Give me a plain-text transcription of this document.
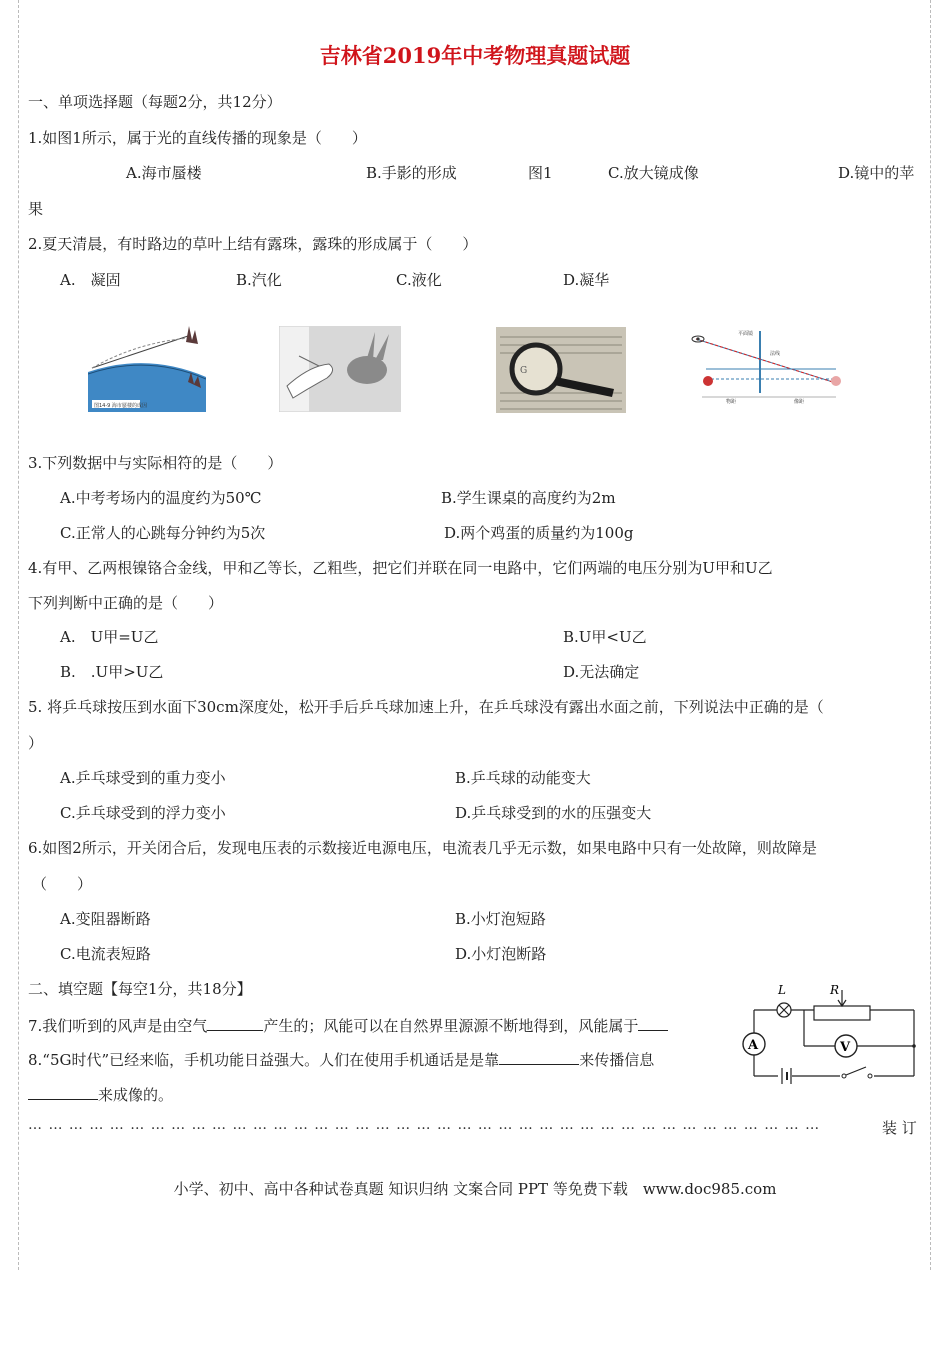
吉林省2019年中考物理真题试题
一、单项选择题（每题2分，共12分）
1.如图1所示，属于光的直线传播的现象是（　　）
A.海市蜃楼	B.手影的形成	图1	C.放大镜成像	D.镜中的苹
果
2.夏天清晨，有时路边的草叶上结有露珠，露珠的形成属于（　　）
A.　凝固	B.汽化	C.液化	D.凝华
图14-9 海市蜃楼的成因
G
平面镜
法线
物距	像距
3.下列数据中与实际相符的是（　　）
A.中考考场内的温度约为50℃	B.学生课桌的高度约为2m
C.正常人的心跳每分钟约为5次	D.两个鸡蛋的质量约为100g
4.有甲、乙两根镍铬合金线，甲和乙等长，乙粗些，把它们并联在同一电路中，它们两端的电压分别为U甲和U乙
下列判断中正确的是（　　）
A.　U甲=U乙	B.U甲<U乙
B.　.U甲>U乙	D.无法确定
5. 将乒乓球按压到水面下30cm深度处，松开手后乒乓球加速上升，在乒乓球没有露出水面之前，下列说法中正确的是（
）
A.乒乓球受到的重力变小	B.乒乓球的动能变大
C.乒乓球受到的浮力变小	D.乒乓球受到的水的压强变大
6.如图2所示，开关闭合后，发现电压表的示数接近电源电压，电流表几乎无示数，如果电路中只有一处故障，则故障是
（　　）
A.变阻器断路	B.小灯泡短路
C.电流表短路	D.小灯泡断路
二、填空题【每空1分，共18分】
7.我们听到的风声是由空气	产生的；风能可以在自然界里源源不断地得到，风能属于
8.“5G时代”已经来临，手机功能日益强大。人们在使用手机通话是是靠	来传播信息
来成像的。
R
L
A	V
… … … … … … … … … … … … … … … … … … … … … … … … … … … … … … … … … … … … … … …	装 订
小学、初中、高中各种试卷真题 知识归纳 文案合同 PPT 等免费下载　www.doc985.com
